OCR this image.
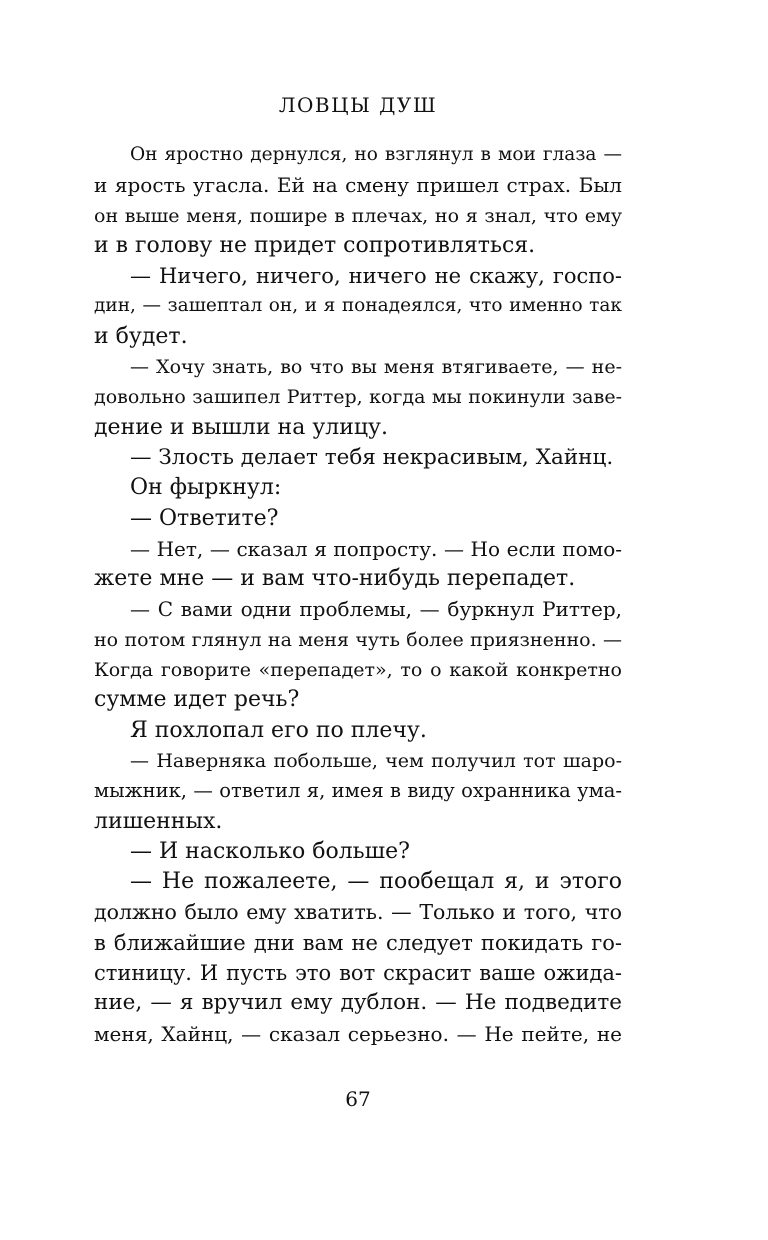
ЛОВЦЫ ДУШ
Он яростно дернулся, но взглянул в мои глаза —
и ярость угасла. Ей на смену пришел страх. Был
он выше меня, пошире в плечах, но я знал, что ему
и в голову не придет сопротивляться.
— Ничего, ничего, ничего не скажу, госпо-
дин, — зашептал он, и я понадеялся, что именно так
и будет.
— Хочу знать, во что вы меня втягиваете, — не-
довольно зашипел Риттер, когда мы покинули заве-
дение и вышли на улицу.
— Злость делает тебя некрасивым, Хайнц.
Он фыркнул:
— Ответите?
— Нет, — сказал я попросту. — Но если помо-
жете мне — и вам что-нибудь перепадет.
— С вами одни проблемы, — буркнул Риттер,
но потом глянул на меня чуть более приязненно. —
Когда говорите «перепадет», то о какой конкретно
сумме идет речь?
Я похлопал его по плечу.
— Наверняка побольше, чем получил тот шаро-
мыжник, — ответил я, имея в виду охранника ума-
лишенных.
— И насколько больше?
— Не пожалеете, — пообещал я, и этого
должно было ему хватить. — Только и того, что
в ближайшие дни вам не следует покидать го-
стиницу. И пусть это вот скрасит ваше ожида-
ние, — я вручил ему дублон. — Не подведите
меня, Хайнц, — сказал серьезно. — Не пейте, не
67
